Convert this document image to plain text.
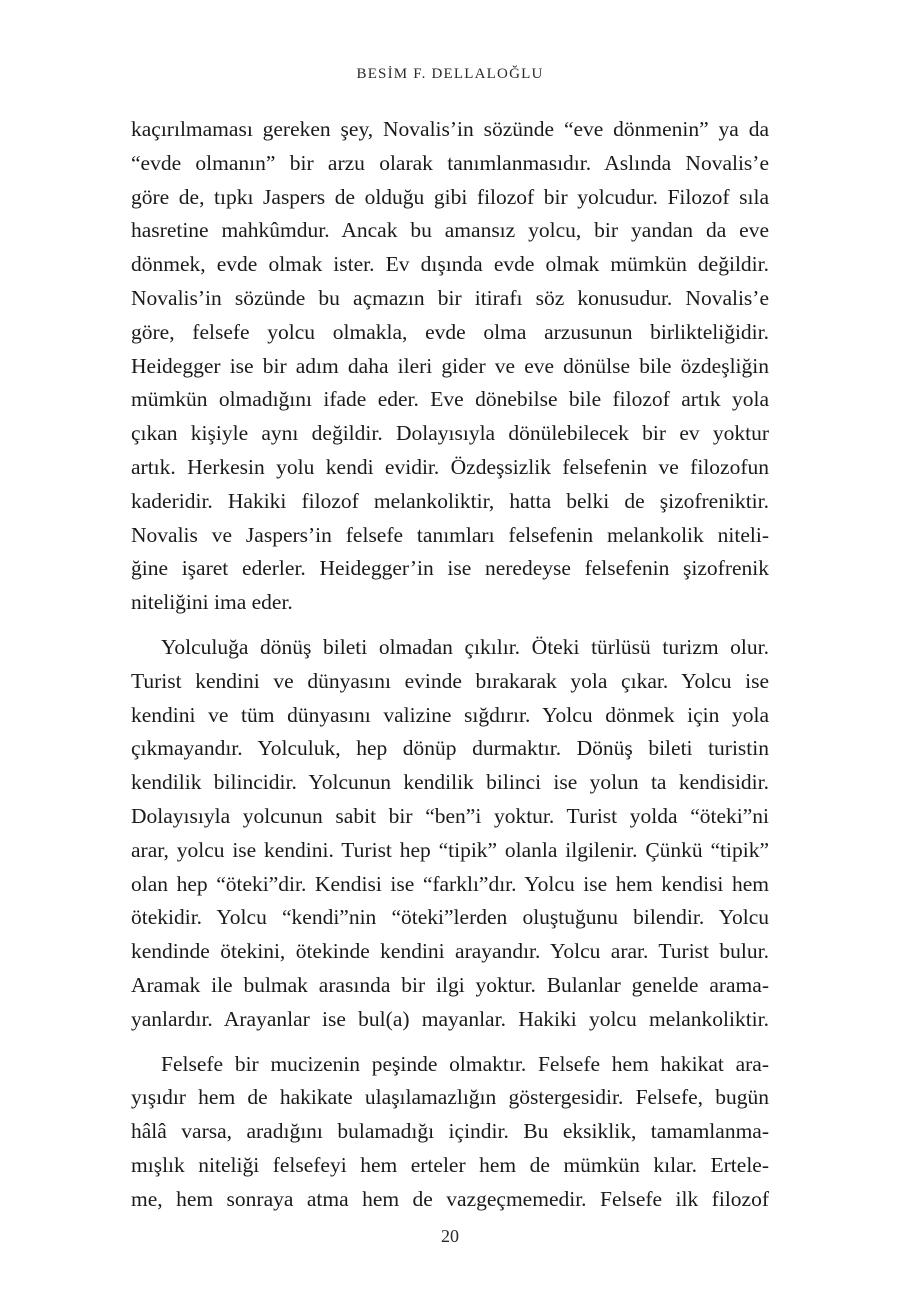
BESİM F. DELLALOĞLU

kaçırılmaması gereken şey, Novalis’in sözünde “eve dönmenin” ya da
“evde olmanın” bir arzu olarak tanımlanmasıdır. Aslında Novalis’e
göre de, tıpkı Jaspers de olduğu gibi filozof bir yolcudur. Filozof sıla
hasretine mahkûmdur. Ancak bu amansız yolcu, bir yandan da eve
dönmek, evde olmak ister. Ev dışında evde olmak mümkün değildir.
Novalis’in sözünde bu açmazın bir itirafı söz konusudur. Novalis’e
göre, felsefe yolcu olmakla, evde olma arzusunun birlikteliğidir.
Heidegger ise bir adım daha ileri gider ve eve dönülse bile özdeşliğin
mümkün olmadığını ifade eder. Eve dönebilse bile filozof artık yola
çıkan kişiyle aynı değildir. Dolayısıyla dönülebilecek bir ev yoktur
artık. Herkesin yolu kendi evidir. Özdeşsizlik felsefenin ve filozofun
kaderidir. Hakiki filozof melankoliktir, hatta belki de şizofreniktir.
Novalis ve Jaspers’in felsefe tanımları felsefenin melankolik niteli-
ğine işaret ederler. Heidegger’in ise neredeyse felsefenin şizofrenik
niteliğini ima eder.

Yolculuğa dönüş bileti olmadan çıkılır. Öteki türlüsü turizm olur.
Turist kendini ve dünyasını evinde bırakarak yola çıkar. Yolcu ise
kendini ve tüm dünyasını valizine sığdırır. Yolcu dönmek için yola
çıkmayandır. Yolculuk, hep dönüp durmaktır. Dönüş bileti turistin
kendilik bilincidir. Yolcunun kendilik bilinci ise yolun ta kendisidir.
Dolayısıyla yolcunun sabit bir “ben”i yoktur. Turist yolda “öteki”ni
arar, yolcu ise kendini. Turist hep “tipik” olanla ilgilenir. Çünkü “tipik”
olan hep “öteki”dir. Kendisi ise “farklı”dır. Yolcu ise hem kendisi hem
ötekidir. Yolcu “kendi”nin “öteki”lerden oluştuğunu bilendir. Yolcu
kendinde ötekini, ötekinde kendini arayandır. Yolcu arar. Turist bulur.
Aramak ile bulmak arasında bir ilgi yoktur. Bulanlar genelde arama-
yanlardır. Arayanlar ise bul(a) mayanlar. Hakiki yolcu melankoliktir.

Felsefe bir mucizenin peşinde olmaktır. Felsefe hem hakikat ara-
yışıdır hem de hakikate ulaşılamazlığın göstergesidir. Felsefe, bugün
hâlâ varsa, aradığını bulamadığı içindir. Bu eksiklik, tamamlanma-
mışlık niteliği felsefeyi hem erteler hem de mümkün kılar. Ertele-
me, hem sonraya atma hem de vazgeçmemedir. Felsefe ilk filozof

20
